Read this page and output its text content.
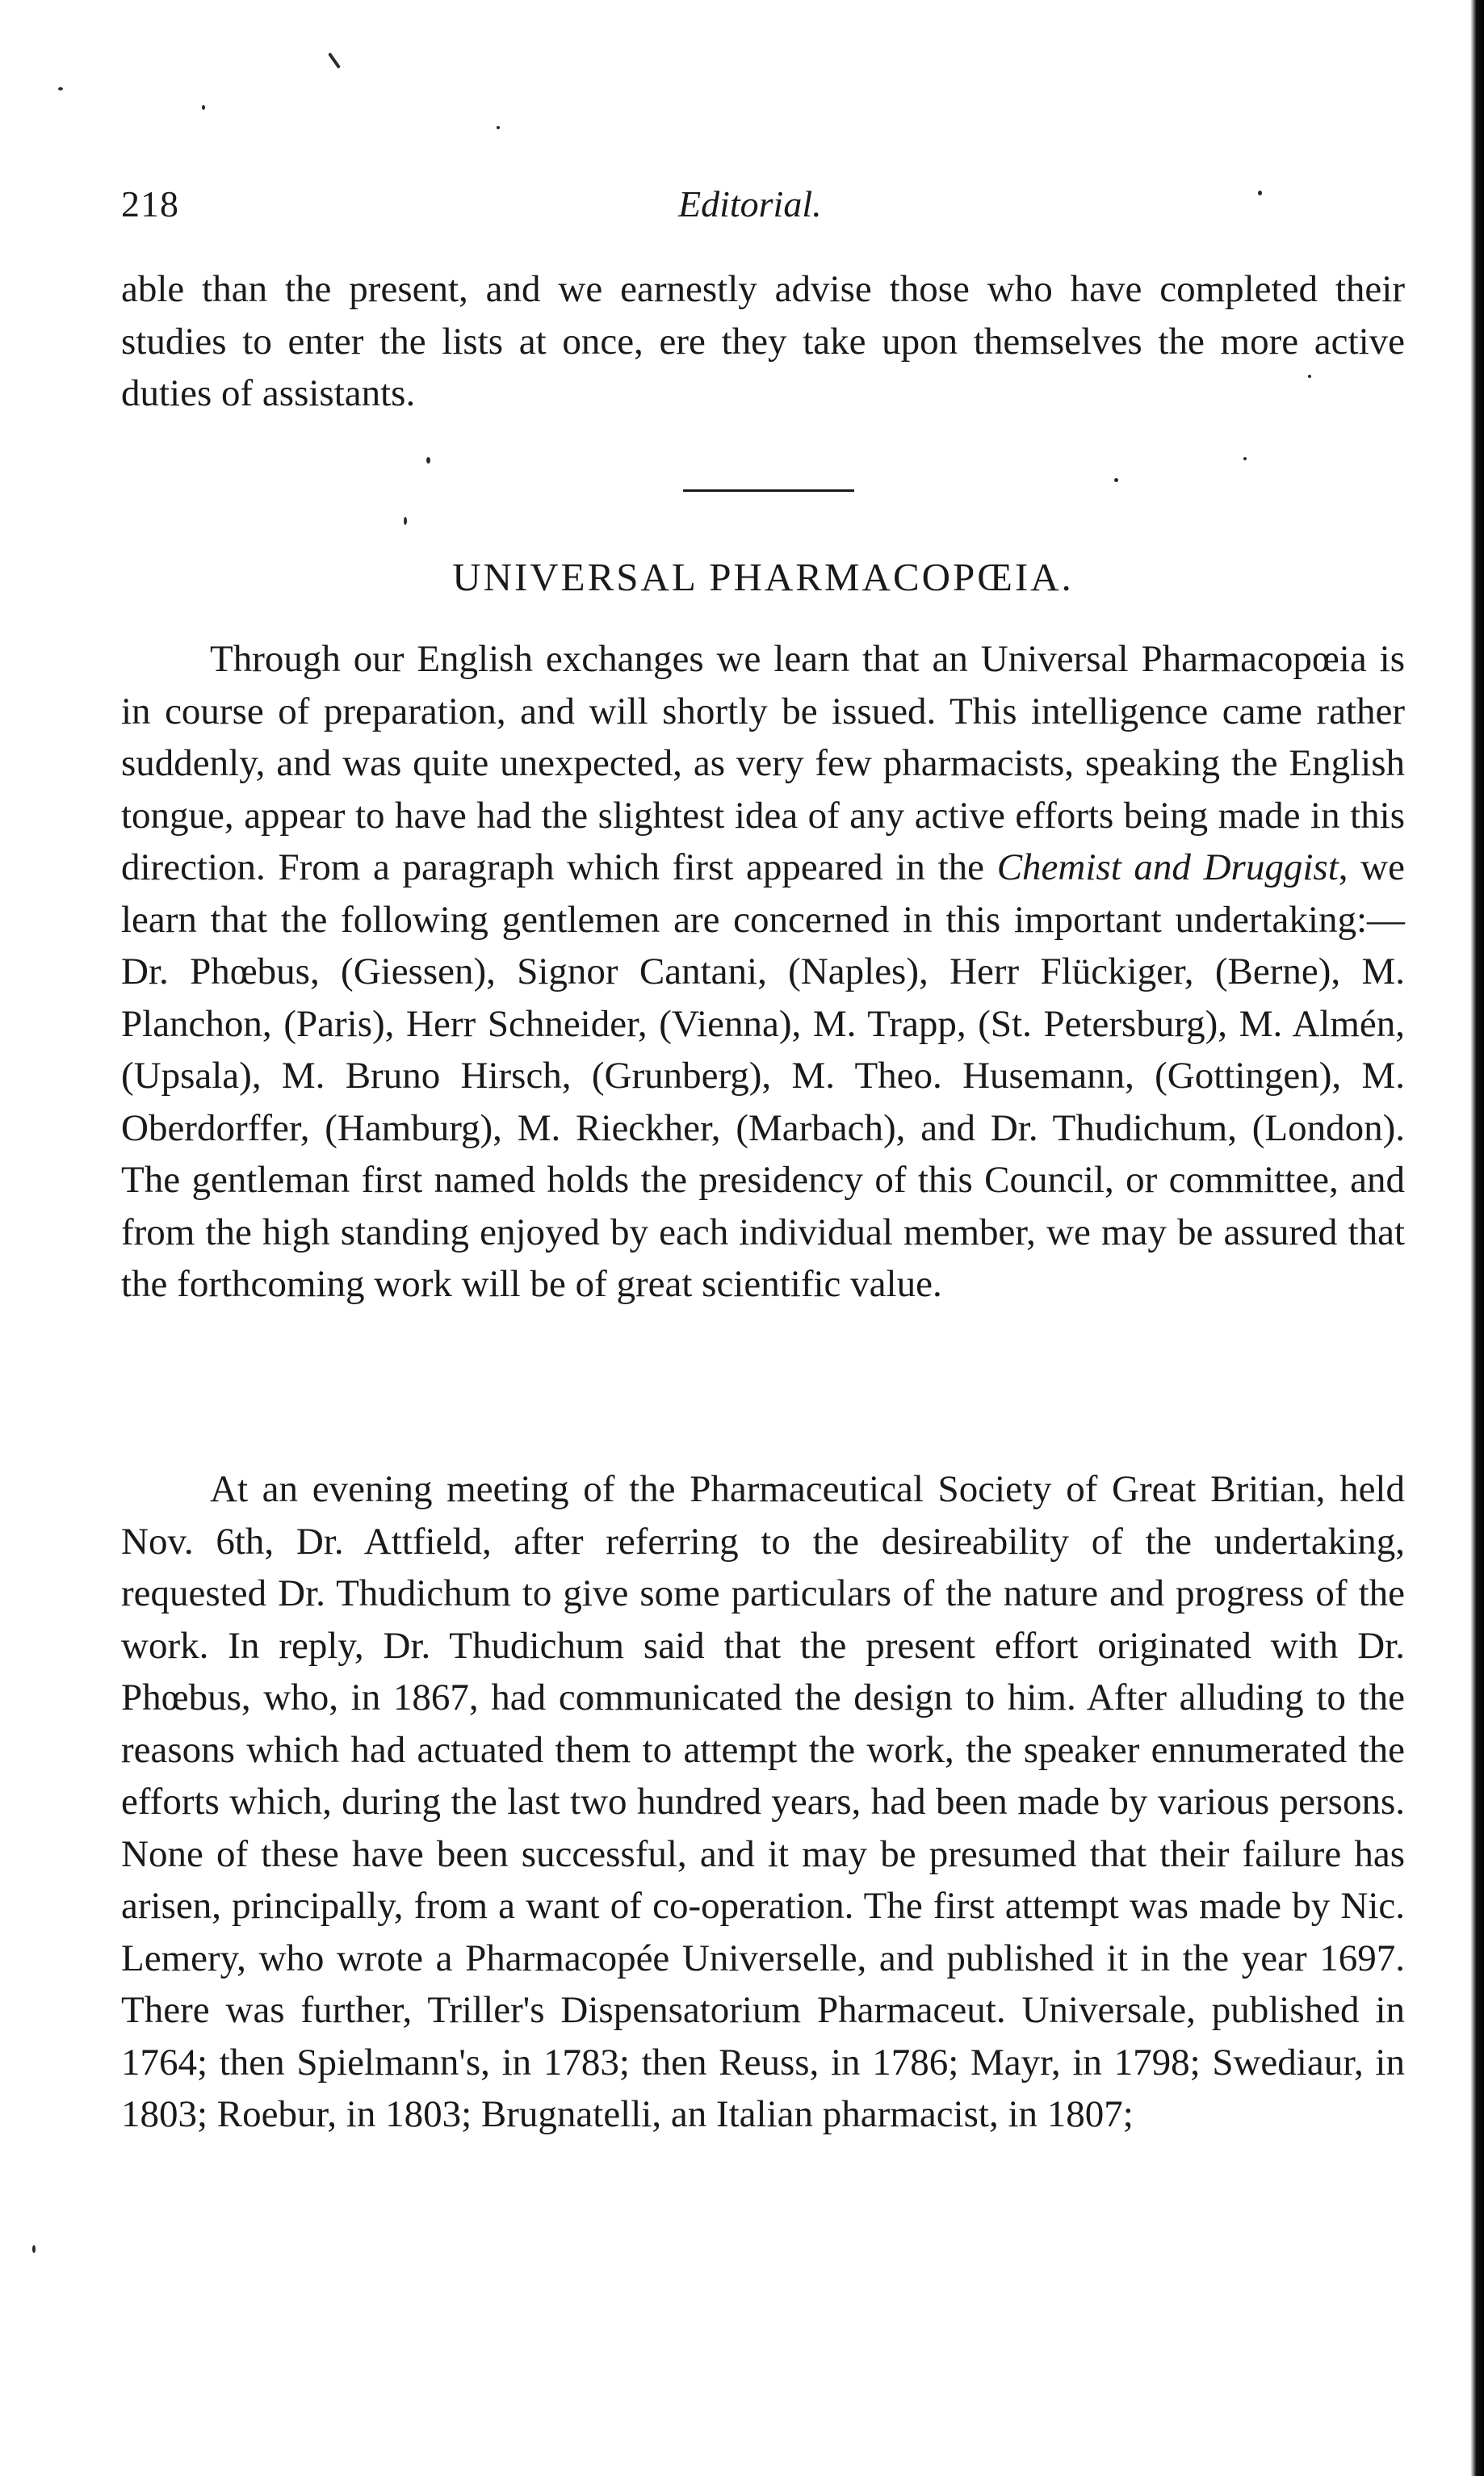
218	Editorial.

able than the present, and we earnestly advise those who have completed their studies to enter the lists at once, ere they take upon themselves the more active duties of assistants.

UNIVERSAL PHARMACOPŒIA.

Through our English exchanges we learn that an Universal Pharmacopœia is in course of preparation, and will shortly be issued. This intelligence came rather suddenly, and was quite unexpected, as very few pharmacists, speaking the English tongue, appear to have had the slightest idea of any active efforts being made in this direction. From a paragraph which first appeared in the Chemist and Druggist, we learn that the following gentlemen are concerned in this important undertaking:—Dr. Phœbus, (Giessen), Signor Cantani, (Naples), Herr Flückiger, (Berne), M. Planchon, (Paris), Herr Schneider, (Vienna), M. Trapp, (St. Petersburg), M. Almén, (Upsala), M. Bruno Hirsch, (Grunberg), M. Theo. Husemann, (Gottingen), M. Oberdorffer, (Hamburg), M. Rieckher, (Marbach), and Dr. Thudichum, (London). The gentleman first named holds the presidency of this Council, or committee, and from the high standing enjoyed by each individual member, we may be assured that the forthcoming work will be of great scientific value.

At an evening meeting of the Pharmaceutical Society of Great Britian, held Nov. 6th, Dr. Attfield, after referring to the desireability of the undertaking, requested Dr. Thudichum to give some particulars of the nature and progress of the work. In reply, Dr. Thudichum said that the present effort originated with Dr. Phœbus, who, in 1867, had communicated the design to him. After alluding to the reasons which had actuated them to attempt the work, the speaker ennumerated the efforts which, during the last two hundred years, had been made by various persons. None of these have been successful, and it may be presumed that their failure has arisen, principally, from a want of co-operation. The first attempt was made by Nic. Lemery, who wrote a Pharmacopée Universelle, and published it in the year 1697. There was further, Triller's Dispensatorium Pharmaceut. Universale, published in 1764; then Spielmann's, in 1783; then Reuss, in 1786; Mayr, in 1798; Swediaur, in 1803; Roebur, in 1803; Brugnatelli, an Italian pharmacist, in 1807;
